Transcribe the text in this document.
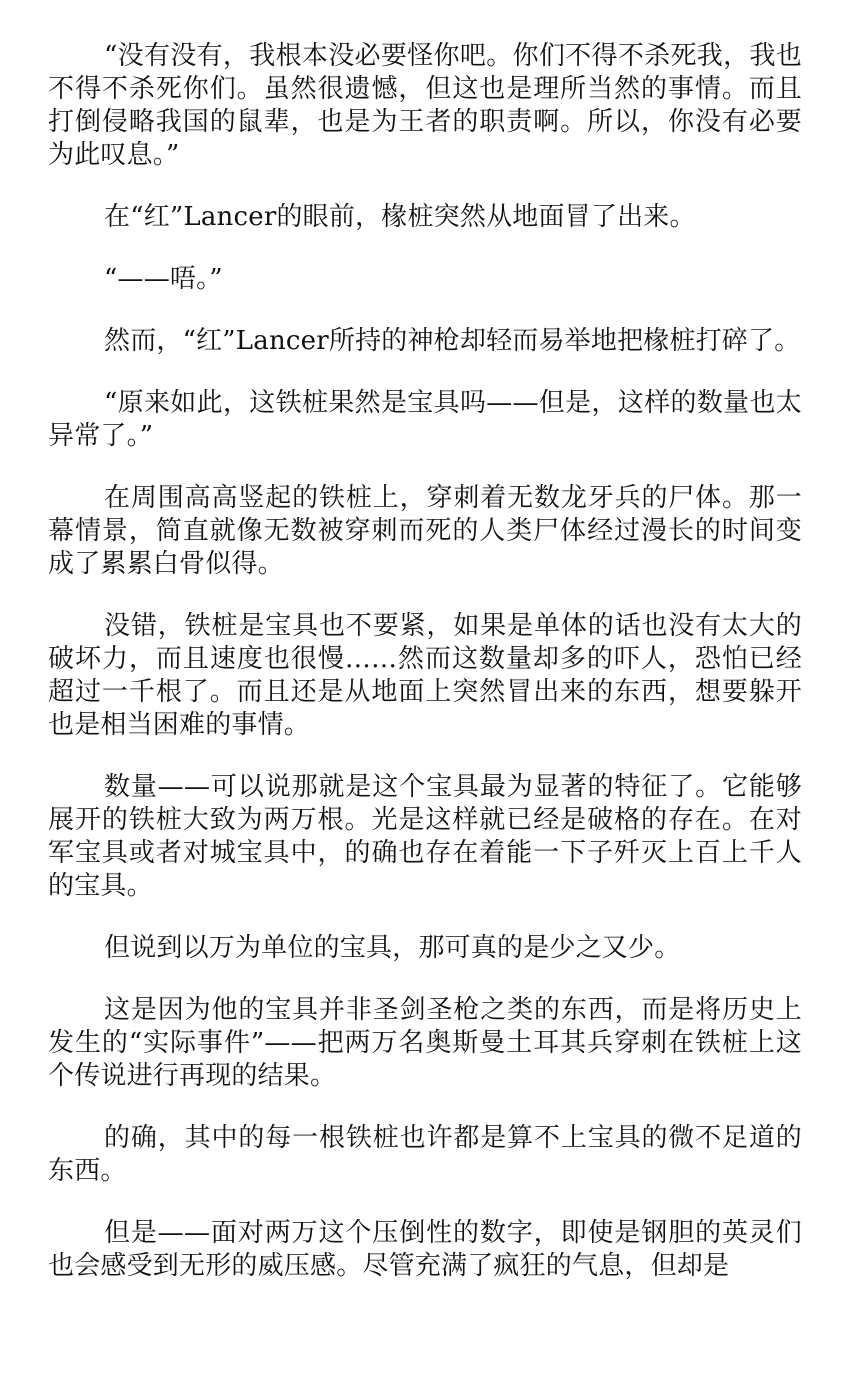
“没有没有，我根本没必要怪你吧。你们不得不杀死我，我也不得不杀死你们。虽然很遗憾，但这也是理所当然的事情。而且打倒侵略我国的鼠辈，也是为王者的职责啊。所以，你没有必要为此叹息。”

在“红”Lancer的眼前，椽桩突然从地面冒了出来。

“——唔。”

然而，“红”Lancer所持的神枪却轻而易举地把椽桩打碎了。

“原来如此，这铁桩果然是宝具吗——但是，这样的数量也太异常了。”

在周围高高竖起的铁桩上，穿刺着无数龙牙兵的尸体。那一幕情景，简直就像无数被穿刺而死的人类尸体经过漫长的时间变成了累累白骨似得。

没错，铁桩是宝具也不要紧，如果是单体的话也没有太大的破坏力，而且速度也很慢……然而这数量却多的吓人，恐怕已经超过一千根了。而且还是从地面上突然冒出来的东西，想要躲开也是相当困难的事情。

数量——可以说那就是这个宝具最为显著的特征了。它能够展开的铁桩大致为两万根。光是这样就已经是破格的存在。在对军宝具或者对城宝具中，的确也存在着能一下子歼灭上百上千人的宝具。

但说到以万为单位的宝具，那可真的是少之又少。

这是因为他的宝具并非圣剑圣枪之类的东西，而是将历史上发生的“实际事件”——把两万名奥斯曼土耳其兵穿刺在铁桩上这个传说进行再现的结果。

的确，其中的每一根铁桩也许都是算不上宝具的微不足道的东西。

但是——面对两万这个压倒性的数字，即使是钢胆的英灵们也会感受到无形的威压感。尽管充满了疯狂的气息，但却是
